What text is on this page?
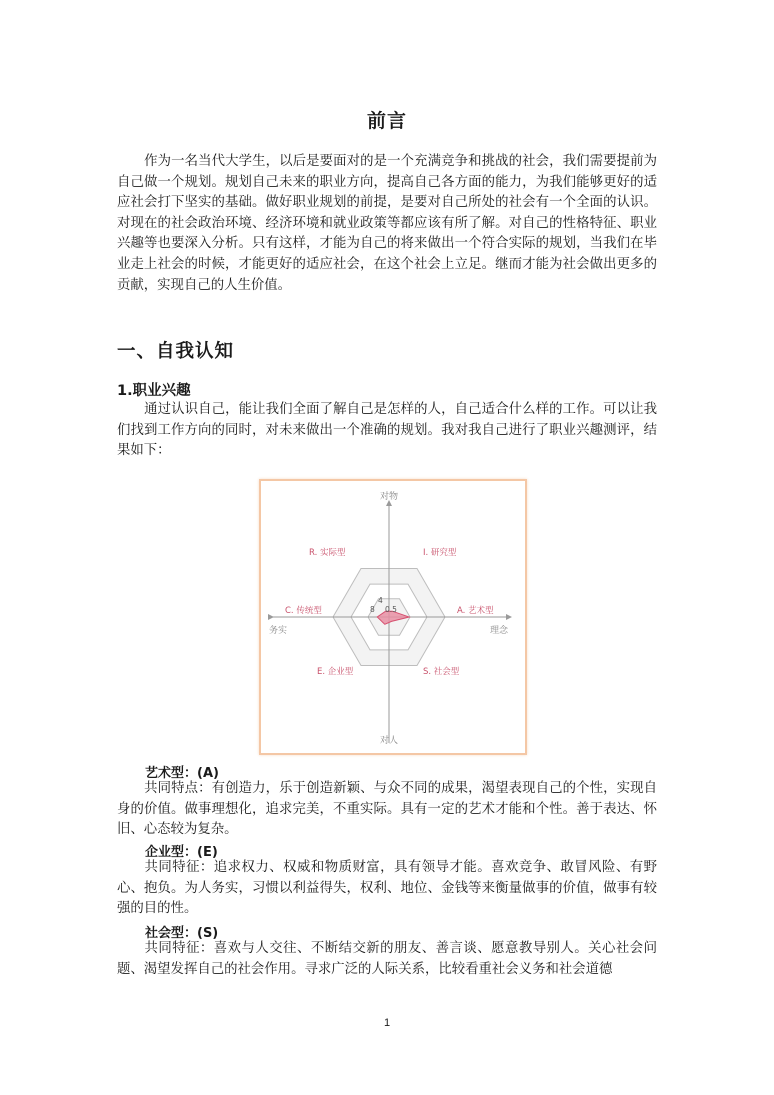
前言

作为一名当代大学生，以后是要面对的是一个充满竞争和挑战的社会，我们需要提前为自己做一个规划。规划自己未来的职业方向，提高自己各方面的能力，为我们能够更好的适应社会打下坚实的基础。做好职业规划的前提，是要对自己所处的社会有一个全面的认识。对现在的社会政治环境、经济环境和就业政策等都应该有所了解。对自己的性格特征、职业兴趣等也要深入分析。只有这样，才能为自己的将来做出一个符合实际的规划，当我们在毕业走上社会的时候，才能更好的适应社会，在这个社会上立足。继而才能为社会做出更多的贡献，实现自己的人生价值。

一、自我认知
1.职业兴趣

通过认识自己，能让我们全面了解自己是怎样的人，自己适合什么样的工作。可以让我们找到工作方向的同时，对未来做出一个准确的规划。我对我自己进行了职业兴趣测评，结果如下：

对物
对人
务实	理念
R. 实际型	I. 研究型
A. 艺术型
S. 社会型
E. 企业型
C. 传统型	8
4
0.5
艺术型：(A)

共同特点：有创造力，乐于创造新颖、与众不同的成果，渴望表现自己的个性，实现自身的价值。做事理想化，追求完美，不重实际。具有一定的艺术才能和个性。善于表达、怀旧、心态较为复杂。

企业型：(E)

共同特征：追求权力、权威和物质财富，具有领导才能。喜欢竞争、敢冒风险、有野心、抱负。为人务实，习惯以利益得失，权利、地位、金钱等来衡量做事的价值，做事有较强的目的性。

社会型：(S)

共同特征：喜欢与人交往、不断结交新的朋友、善言谈、愿意教导别人。关心社会问题、渴望发挥自己的社会作用。寻求广泛的人际关系，比较看重社会义务和社会道德

1
